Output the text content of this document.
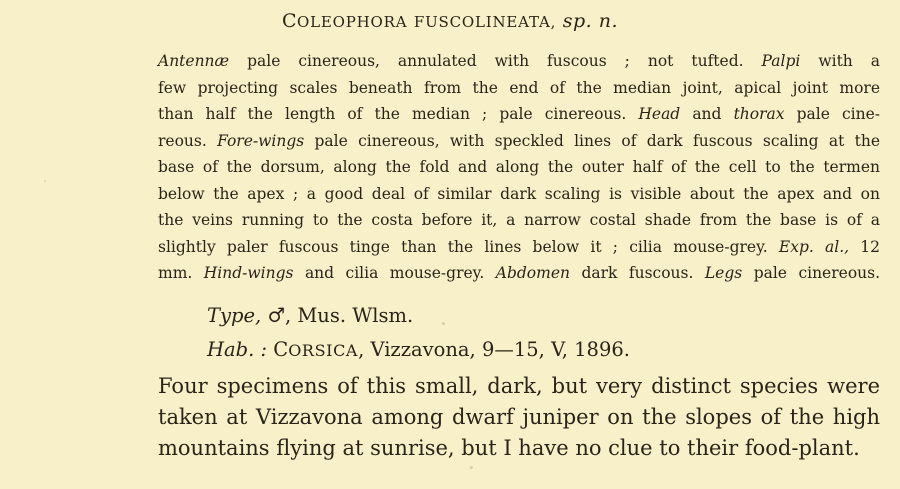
COLEOPHORA FUSCOLINEATA, sp. n.
Antennæ pale cinereous, annulated with fuscous ; not tufted. Palpi with a
few projecting scales beneath from the end of the median joint, apical joint more
than half the length of the median ; pale cinereous. Head and thorax pale cine-
reous. Fore-wings pale cinereous, with speckled lines of dark fuscous scaling at the
base of the dorsum, along the fold and along the outer half of the cell to the termen
below the apex ; a good deal of similar dark scaling is visible about the apex and on
the veins running to the costa before it, a narrow costal shade from the base is of a
slightly paler fuscous tinge than the lines below it ; cilia mouse-grey. Exp. al., 12
mm. Hind-wings and cilia mouse-grey. Abdomen dark fuscous. Legs pale cinereous.
Type, ♂, Mus. Wlsm.
Hab. : CORSICA, Vizzavona, 9—15, V, 1896.
Four specimens of this small, dark, but very distinct species were
taken at Vizzavona among dwarf juniper on the slopes of the high
mountains flying at sunrise, but I have no clue to their food-plant.
